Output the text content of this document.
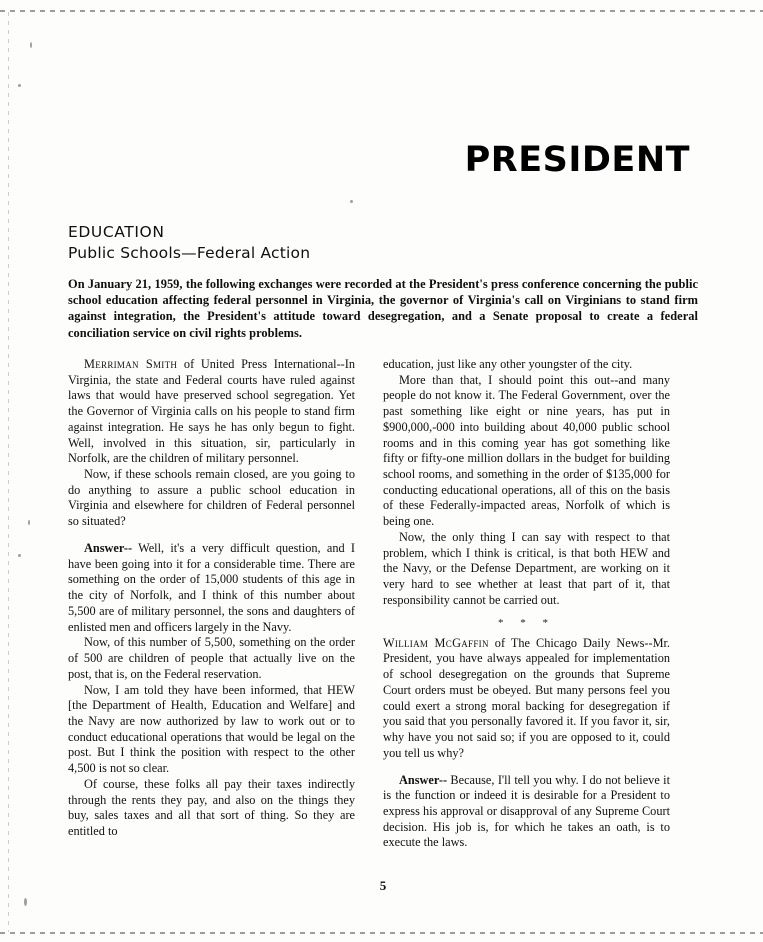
PRESIDENT
EDUCATION
Public Schools—Federal Action
On January 21, 1959, the following exchanges were recorded at the President's press conference concerning the public school education affecting federal personnel in Virginia, the governor of Virginia's call on Virginians to stand firm against integration, the President's attitude toward desegregation, and a Senate proposal to create a federal conciliation service on civil rights problems.

Merriman Smith of United Press International--In Virginia, the state and Federal courts have ruled against laws that would have preserved school segregation. Yet the Governor of Virginia calls on his people to stand firm against integration. He says he has only begun to fight. Well, involved in this situation, sir, particularly in Norfolk, are the children of military personnel.

Now, if these schools remain closed, are you going to do anything to assure a public school education in Virginia and elsewhere for children of Federal personnel so situated?

Answer-- Well, it's a very difficult question, and I have been going into it for a considerable time. There are something on the order of 15,000 students of this age in the city of Norfolk, and I think of this number about 5,500 are of military personnel, the sons and daughters of enlisted men and officers largely in the Navy.

Now, of this number of 5,500, something on the order of 500 are children of people that actually live on the post, that is, on the Federal reservation.

Now, I am told they have been informed, that HEW [the Department of Health, Education and Welfare] and the Navy are now authorized by law to work out or to conduct educational operations that would be legal on the post. But I think the position with respect to the other 4,500 is not so clear.

Of course, these folks all pay their taxes indirectly through the rents they pay, and also on the things they buy, sales taxes and all that sort of thing. So they are entitled to

education, just like any other youngster of the city.

More than that, I should point this out--and many people do not know it. The Federal Government, over the past something like eight or nine years, has put in $900,000,-000 into building about 40,000 public school rooms and in this coming year has got something like fifty or fifty-one million dollars in the budget for building school rooms, and something in the order of $135,000 for conducting educational operations, all of this on the basis of these Federally-impacted areas, Norfolk of which is being one.

Now, the only thing I can say with respect to that problem, which I think is critical, is that both HEW and the Navy, or the Defense Department, are working on it very hard to see whether at least that part of it, that responsibility cannot be carried out.

* * *

William McGaffin of The Chicago Daily News--Mr. President, you have always appealed for implementation of school desegregation on the grounds that Supreme Court orders must be obeyed. But many persons feel you could exert a strong moral backing for desegregation if you said that you personally favored it. If you favor it, sir, why have you not said so; if you are opposed to it, could you tell us why?

Answer-- Because, I'll tell you why. I do not believe it is the function or indeed it is desirable for a President to express his approval or disapproval of any Supreme Court decision. His job is, for which he takes an oath, is to execute the laws.

5
